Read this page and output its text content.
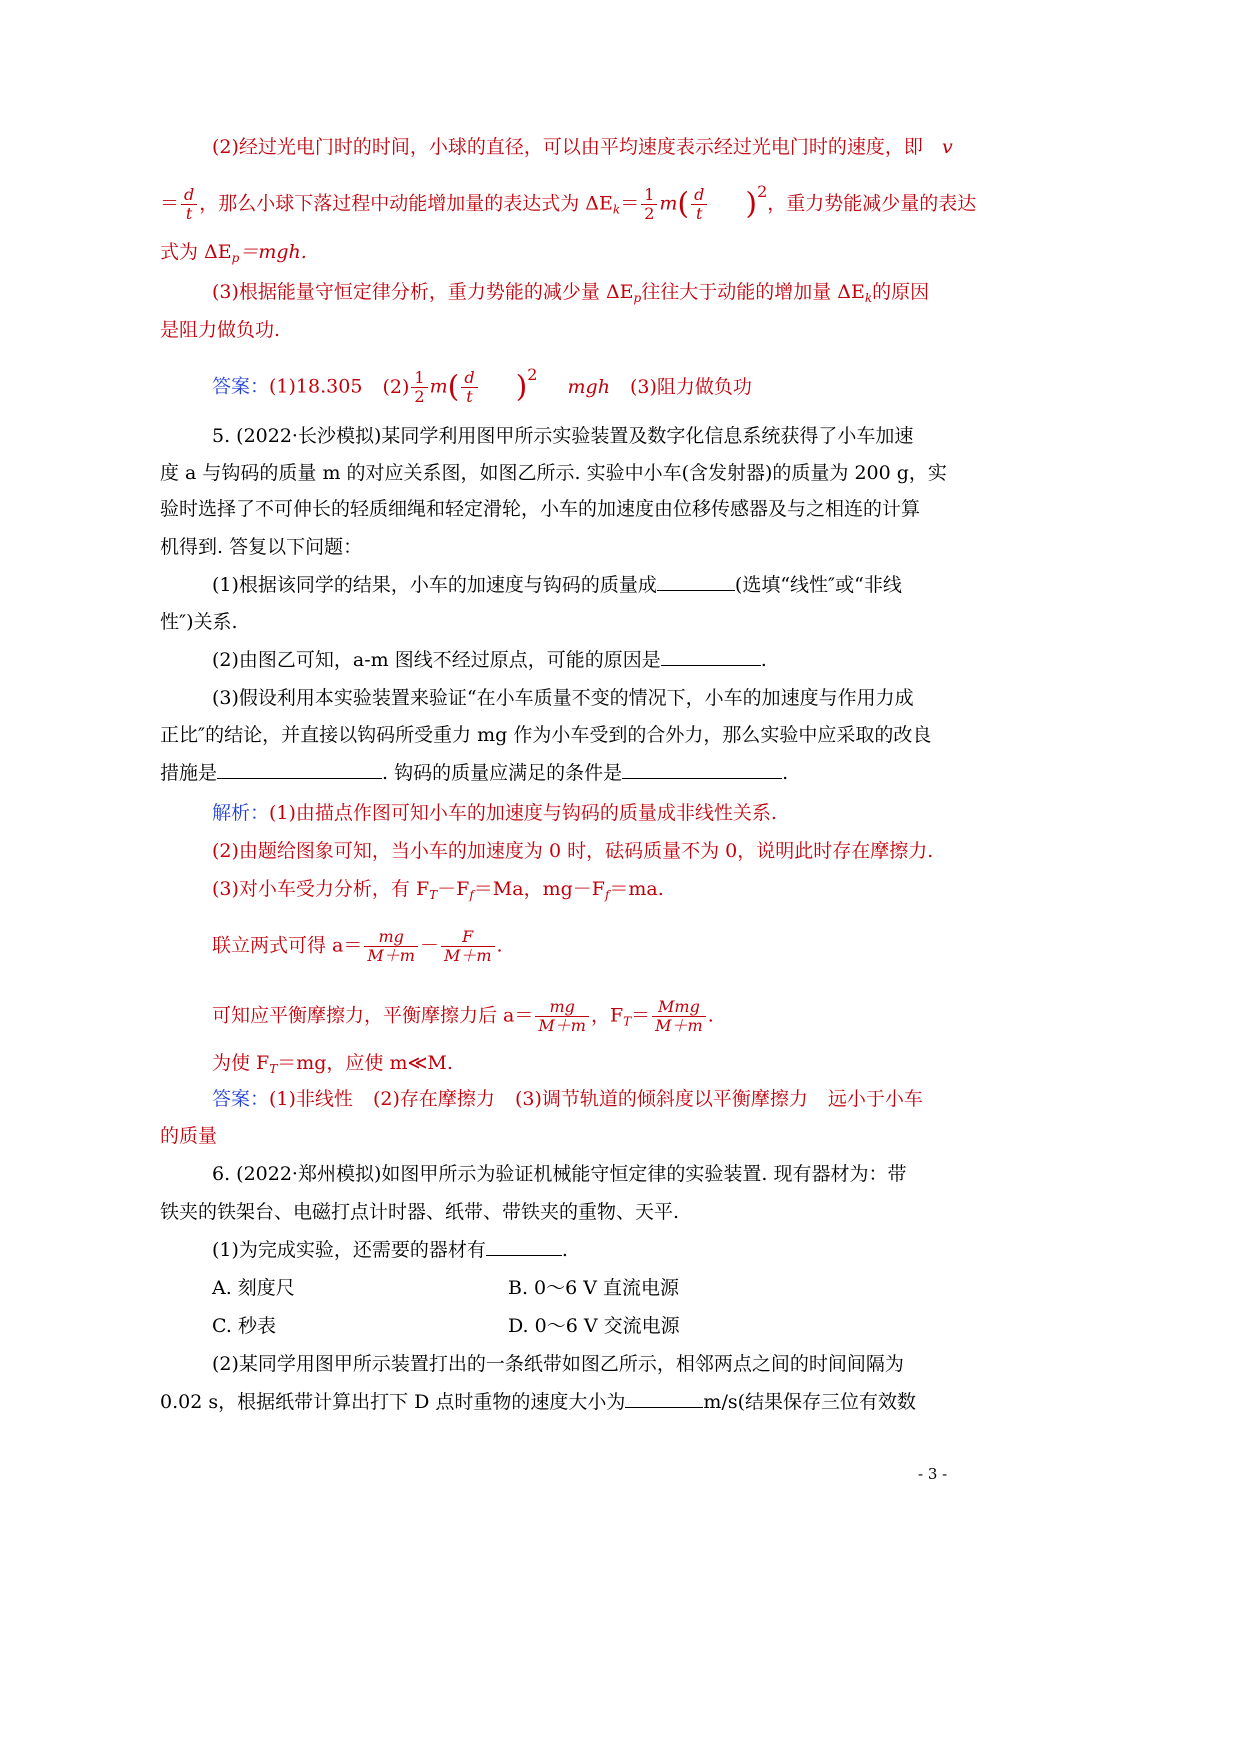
(2)经过光电门时的时间，小球的直径，可以由平均速度表示经过光电门时的速度，即 v
＝ $\frac{d}{t}$ ，那么小球下落过程中动能增加量的表达式为 $\Delta E_k= \frac{1}{2} m( \frac{d}{t} )^2$，重力势能减少量的表达
式为 $\Delta E_p=mgh$.
(3)根据能量守恒定律分析，重力势能的减少量 $\Delta E_p$往往大于动能的增加量 $\Delta E_k$的原因
是阻力做负功.
答案：(1)18.305 $(2) \frac{1}{2} m( \frac{d}{t} )^2$ mgh (3)阻力做负功
5. (2022·长沙模拟)某同学利用图甲所示实验装置及数字化信息系统获得了小车加速
度 a 与钩码的质量 m 的对应关系图，如图乙所示. 实验中小车(含发射器)的质量为 200 g，实
验时选择了不可伸长的轻质细绳和轻定滑轮，小车的加速度由位移传感器及与之相连的计算
机得到. 答复以下问题：
(1)根据该同学的结果，小车的加速度与钩码的质量成	(选填“线性″或“非线
性″)关系.
(2)由图乙可知，a-m 图线不经过原点，可能的原因是	.
(3)假设利用本实验装置来验证“在小车质量不变的情况下，小车的加速度与作用力成
正比″的结论，并直接以钩码所受重力 mg 作为小车受到的合外力，那么实验中应采取的改良
措施是	. 钩码的质量应满足的条件是	.
解析：(1)由描点作图可知小车的加速度与钩码的质量成非线性关系.
(2)由题给图象可知，当小车的加速度为 0 时，砝码质量不为 0，说明此时存在摩擦力.
(3)对小车受力分析，有 $F_T-F_f=Ma$，$mg-F_f=ma$.
联立两式可得 $a= \frac{mg}{M+m} - \frac{F}{M+m}$ .
可知应平衡摩擦力，平衡摩擦力后 $a= \frac{mg}{M+m}$ ，$F_T= \frac{\text{Mmg}}{M+m}$ .
为使 $F_T=mg$，应使 m≪M.
答案：(1)非线性 (2)存在摩擦力 (3)调节轨道的倾斜度以平衡摩擦力 远小于小车
的质量
6. (2022·郑州模拟)如图甲所示为验证机械能守恒定律的实验装置. 现有器材为：带
铁夹的铁架台、电磁打点计时器、纸带、带铁夹的重物、天平.
(1)为完成实验，还需要的器材有	.
A. 刻度尺	B. 0～6 V 直流电源
C. 秒表	D. 0～6 V 交流电源
(2)某同学用图甲所示装置打出的一条纸带如图乙所示，相邻两点之间的时间间隔为
0.02 s，根据纸带计算出打下 D 点时重物的速度大小为	m/s(结果保存三位有效数
- 3 -
